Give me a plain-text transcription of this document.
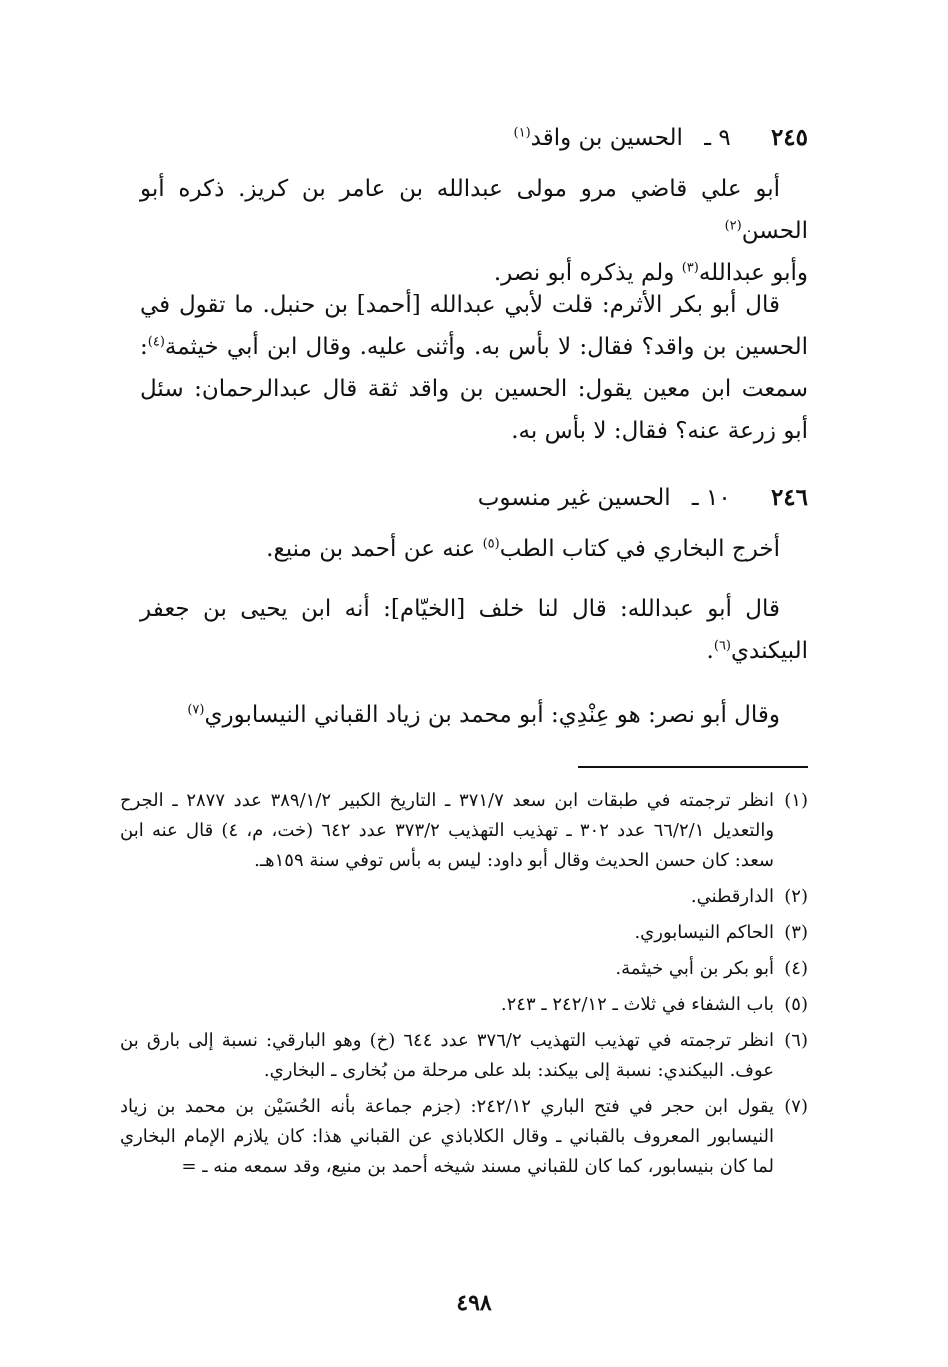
٢٤٥ ٩ ـ الحسين بن واقد$^{(١)}$

أبو علي قاضي مرو مولى عبدالله بن عامر بن كريز. ذكره أبو الحسن$^{(٢)}$

وأبو عبدالله$^{(٣)}$ ولم يذكره أبو نصر.

قال أبو بكر الأثرم: قلت لأبي عبدالله [أحمد] بن حنبل. ما تقول في الحسين بن واقد؟ فقال: لا بأس به. وأثنى عليه. وقال ابن أبي خيثمة$^{(٤)}$: سمعت ابن معين يقول: الحسين بن واقد ثقة قال عبدالرحمان: سئل أبو زرعة عنه؟ فقال: لا بأس به.

٢٤٦ ١٠ ـ الحسين غير منسوب

أخرج البخاري في كتاب الطب$^{(٥)}$ عنه عن أحمد بن منيع.

قال أبو عبدالله: قال لنا خلف [الخيّام]: أنه ابن يحيى بن جعفر البيكندي$^{(٦)}$.

وقال أبو نصر: هو عِنْدِي: أبو محمد بن زياد القباني النيسابوري$^{(٧)}$

(١)
انظر ترجمته في طبقات ابن سعد ٣٧١/٧ ـ التاريخ الكبير ٣٨٩/١/٢ عدد ٢٨٧٧ ـ الجرح والتعديل ٦٦/٢/١ عدد ٣٠٢ ـ تهذيب التهذيب ٣٧٣/٢ عدد ٦٤٢ (خت، م، ٤) قال عنه ابن سعد: كان حسن الحديث وقال أبو داود: ليس به بأس توفي سنة ١٥٩هـ.
(٢)
الدارقطني.
(٣)
الحاكم النيسابوري.
(٤)
أبو بكر بن أبي خيثمة.
(٥)
باب الشفاء في ثلاث ـ ٢٤٢/١٢ ـ ٢٤٣.
(٦)
انظر ترجمته في تهذيب التهذيب ٣٧٦/٢ عدد ٦٤٤ (خ) وهو البارقي: نسبة إلى بارق بن عوف. البيكندي: نسبة إلى بيكند: بلد على مرحلة من بُخارى ـ البخاري.
(٧)
يقول ابن حجر في فتح الباري ٢٤٢/١٢: (جزم جماعة بأنه الحُسَيْن بن محمد بن زياد النيسابور المعروف بالقباني ـ وقال الكلاباذي عن القباني هذا: كان يلازم الإمام البخاري لما كان بنيسابور، كما كان للقباني مسند شيخه أحمد بن منيع، وقد سمعه منه ـ =
٤٩٨
